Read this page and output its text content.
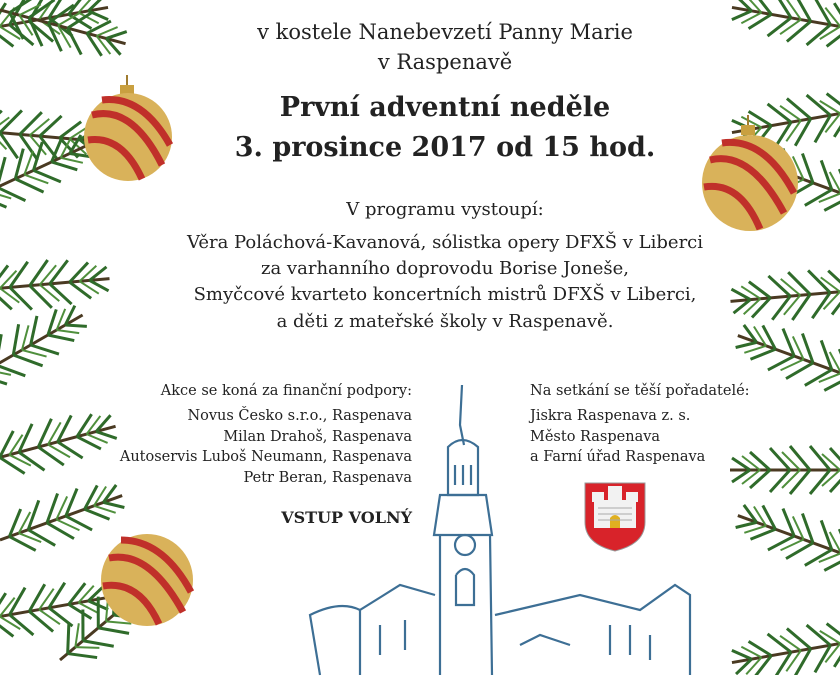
v kostele Nanebevzetí Panny Marie
v Raspenavě
První adventní neděle
3. prosince 2017 od 15 hod.
V programu vystoupí:
Věra Poláchová-Kavanová, sólistka opery DFXŠ v Liberci
za varhanního doprovodu Borise Joneše,
Smyčcové kvarteto koncertních mistrů DFXŠ v Liberci,
a děti z mateřské školy v Raspenavě.
Akce se koná za finanční podpory:
Novus Česko s.r.o., Raspenava
Milan Drahoš, Raspenava
Autoservis Luboš Neumann, Raspenava
Petr Beran, Raspenava
VSTUP VOLNÝ
Na setkání se těší pořadatelé:
Jiskra Raspenava z. s.
Město Raspenava
a Farní úřad Raspenava
